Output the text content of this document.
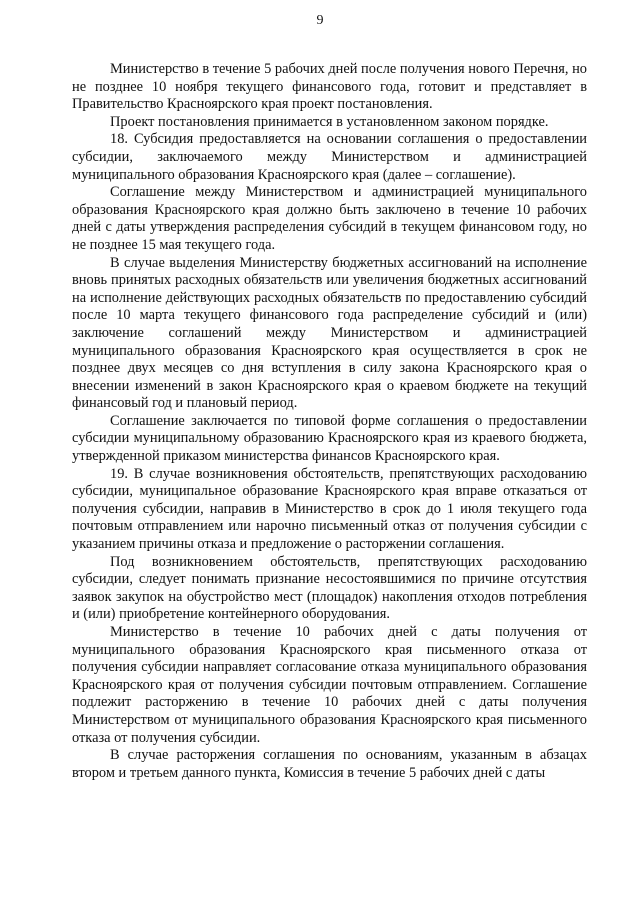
9

Министерство в течение 5 рабочих дней после получения нового Перечня, но не позднее 10 ноября текущего финансового года, готовит и представляет в Правительство Красноярского края проект постановления.

Проект постановления принимается в установленном законом порядке.

18. Субсидия предоставляется на основании соглашения о предоставлении субсидии, заключаемого между Министерством и администрацией муниципального образования Красноярского края (далее – соглашение).

Соглашение между Министерством и администрацией муниципального образования Красноярского края должно быть заключено в течение 10 рабочих дней с даты утверждения распределения субсидий в текущем финансовом году, но не позднее 15 мая текущего года.

В случае выделения Министерству бюджетных ассигнований на исполнение вновь принятых расходных обязательств или увеличения бюджетных ассигнований на исполнение действующих расходных обязательств по предоставлению субсидий после 10 марта текущего финансового года распределение субсидий и (или) заключение соглашений между Министерством и администрацией муниципального образования Красноярского края осуществляется в срок не позднее двух месяцев со дня вступления в силу закона Красноярского края о внесении изменений в закон Красноярского края о краевом бюджете на текущий финансовый год и плановый период.

Соглашение заключается по типовой форме соглашения о предоставлении субсидии муниципальному образованию Красноярского края из краевого бюджета, утвержденной приказом министерства финансов Красноярского края.

19. В случае возникновения обстоятельств, препятствующих расходованию субсидии, муниципальное образование Красноярского края вправе отказаться от получения субсидии, направив в Министерство в срок до 1 июля текущего года почтовым отправлением или нарочно письменный отказ от получения субсидии с указанием причины отказа и предложение о расторжении соглашения.

Под возникновением обстоятельств, препятствующих расходованию субсидии, следует понимать признание несостоявшимися по причине отсутствия заявок закупок на обустройство мест (площадок) накопления отходов потребления и (или) приобретение контейнерного оборудования.

Министерство в течение 10 рабочих дней с даты получения от муниципального образования Красноярского края письменного отказа от получения субсидии направляет согласование отказа муниципального образования Красноярского края от получения субсидии почтовым отправлением. Соглашение подлежит расторжению в течение 10 рабочих дней с даты получения Министерством от муниципального образования Красноярского края письменного отказа от получения субсидии.

В случае расторжения соглашения по основаниям, указанным в абзацах втором и третьем данного пункта, Комиссия в течение 5 рабочих дней с даты
